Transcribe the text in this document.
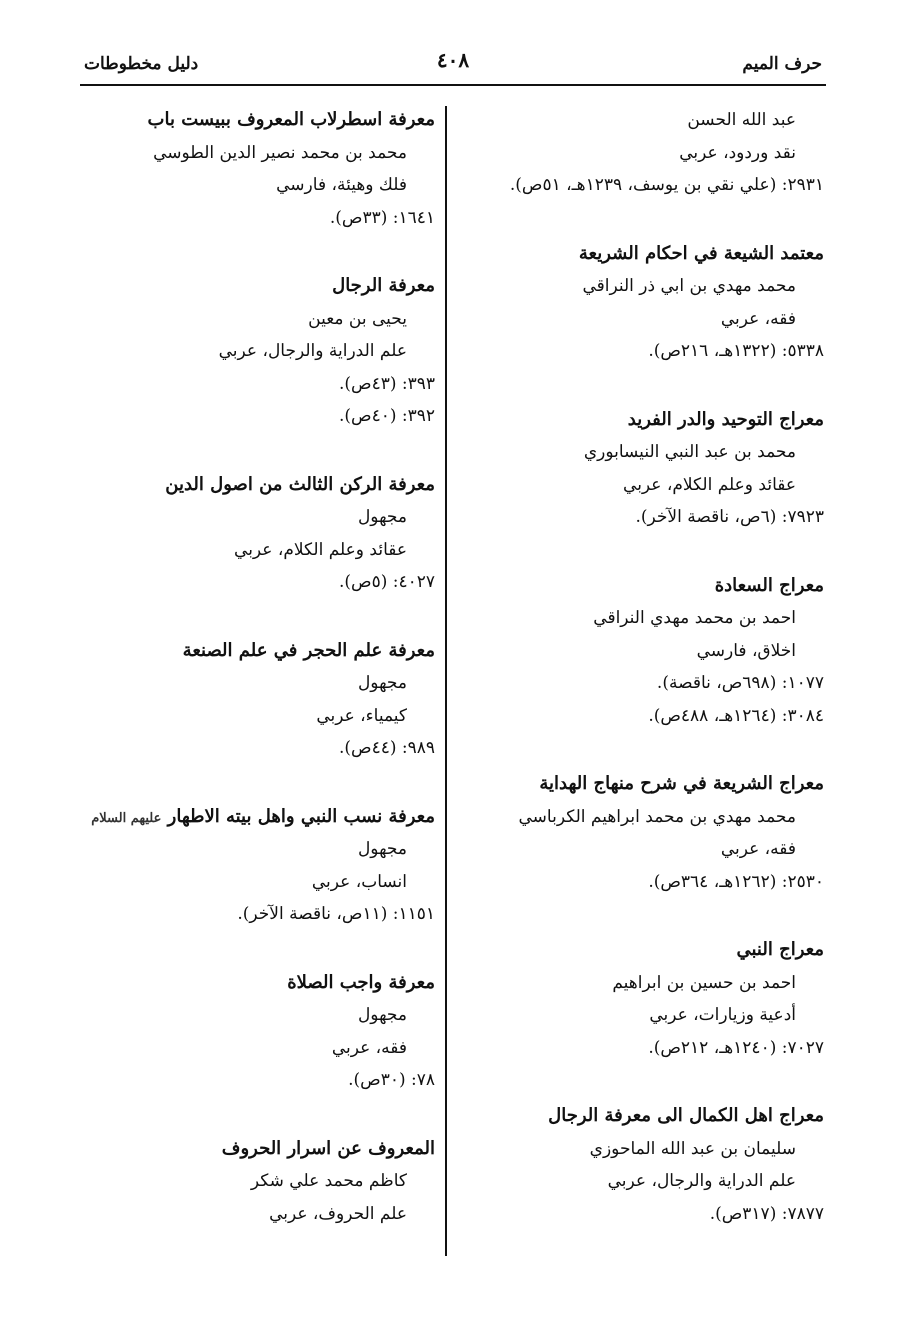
حرف الميم
٤٠٨
دليل مخطوطات
عبد الله الحسن
نقد وردود، عربي
٢٩٣١: (علي نقي بن يوسف، ١٢٣٩هـ، ٥١ص).
معتمد الشيعة في احكام الشريعة
محمد مهدي بن ابي ذر النراقي
فقه، عربي
٥٣٣٨: (١٣٢٢هـ، ٢١٦ص).
معراج التوحيد والدر الفريد
محمد بن عبد النبي النيسابوري
عقائد وعلم الكلام، عربي
٧٩٢٣: (٦ص، ناقصة الآخر).
معراج السعادة
احمد بن محمد مهدي النراقي
اخلاق، فارسي
١٠٧٧: (٦٩٨ص، ناقصة).
٣٠٨٤: (١٢٦٤هـ، ٤٨٨ص).
معراج الشريعة في شرح منهاج الهداية
محمد مهدي بن محمد ابراهيم الكرباسي
فقه، عربي
٢٥٣٠: (١٢٦٢هـ، ٣٦٤ص).
معراج النبي
احمد بن حسين بن ابراهيم
أدعية وزيارات، عربي
٧٠٢٧: (١٢٤٠هـ، ٢١٢ص).
معراج اهل الكمال الى معرفة الرجال
سليمان بن عبد الله الماحوزي
علم الدراية والرجال، عربي
٧٨٧٧: (٣١٧ص).
معرفة اسطرلاب المعروف ببيست باب
محمد بن محمد نصير الدين الطوسي
فلك وهيئة، فارسي
١٦٤١: (٣٣ص).
معرفة الرجال
يحيى بن معين
علم الدراية والرجال، عربي
٣٩٣: (٤٣ص).
٣٩٢: (٤٠ص).
معرفة الركن الثالث من اصول الدين
مجهول
عقائد وعلم الكلام، عربي
٤٠٢٧: (٥ص).
معرفة علم الحجر في علم الصنعة
مجهول
كيمياء، عربي
٩٨٩: (٤٤ص).
معرفة نسب النبي واهل بيته الاطهار عليهم السلام
مجهول
انساب، عربي
١١٥١: (١١ص، ناقصة الآخر).
معرفة واجب الصلاة
مجهول
فقه، عربي
٧٨: (٣٠ص).
المعروف عن اسرار الحروف
كاظم محمد علي شكر
علم الحروف، عربي
